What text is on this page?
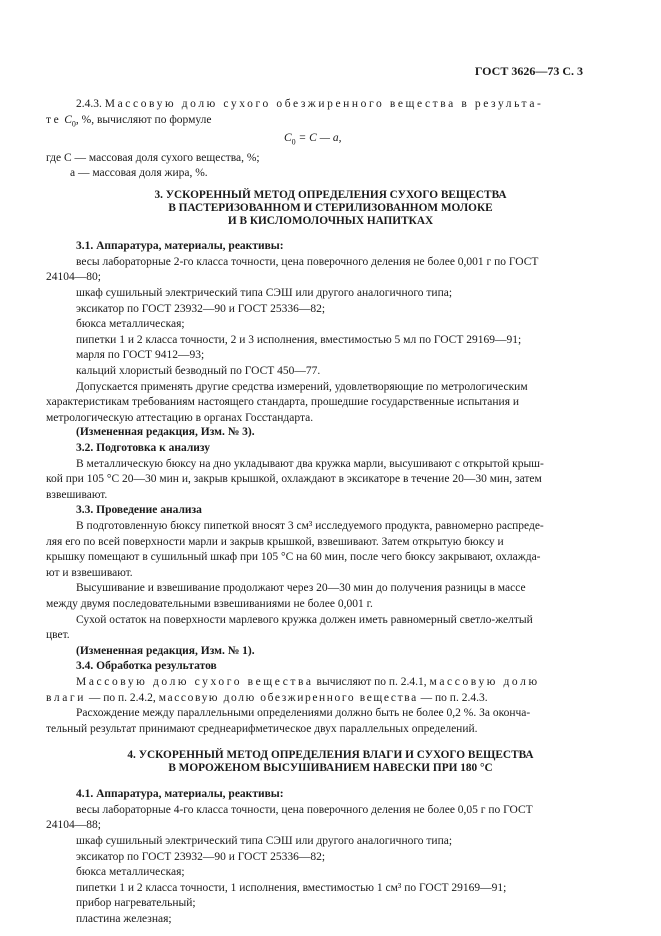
ГОСТ 3626—73 С. 3
2.4.3. Массовую долю сухого обезжиренного вещества в результа-
те $C_0$, %, вычисляют по формуле
$C_0 = C$ — a,
где C — массовая доля сухого вещества, %;
a — массовая доля жира, %.
3. УСКОРЕННЫЙ МЕТОД ОПРЕДЕЛЕНИЯ СУХОГО ВЕЩЕСТВА
В ПАСТЕРИЗОВАННОМ И СТЕРИЛИЗОВАННОМ МОЛОКЕ
И В КИСЛОМОЛОЧНЫХ НАПИТКАХ
3.1. Аппаратура, материалы, реактивы:
весы лабораторные 2-го класса точности, цена поверочного деления не более 0,001 г по ГОСТ
24104—80;
шкаф сушильный электрический типа СЭШ или другого аналогичного типа;
эксикатор по ГОСТ 23932—90 и ГОСТ 25336—82;
бюкса металлическая;
пипетки 1 и 2 класса точности, 2 и 3 исполнения, вместимостью 5 мл по ГОСТ 29169—91;
марля по ГОСТ 9412—93;
кальций хлористый безводный по ГОСТ 450—77.
Допускается применять другие средства измерений, удовлетворяющие по метрологическим
характеристикам требованиям настоящего стандарта, прошедшие государственные испытания и
метрологическую аттестацию в органах Госстандарта.
(Измененная редакция, Изм. № 3).
3.2. Подготовка к анализу
В металлическую бюксу на дно укладывают два кружка марли, высушивают с открытой крыш-
кой при 105 °С 20—30 мин и, закрыв крышкой, охлаждают в эксикаторе в течение 20—30 мин, затем
взвешивают.
3.3. Проведение анализа
В подготовленную бюксу пипеткой вносят 3 см³ исследуемого продукта, равномерно распреде-
ляя его по всей поверхности марли и закрыв крышкой, взвешивают. Затем открытую бюксу и
крышку помещают в сушильный шкаф при 105 °С на 60 мин, после чего бюксу закрывают, охлажда-
ют и взвешивают.
Высушивание и взвешивание продолжают через 20—30 мин до получения разницы в массе
между двумя последовательными взвешиваниями не более 0,001 г.
Сухой остаток на поверхности марлевого кружка должен иметь равномерный светло-желтый
цвет.
(Измененная редакция, Изм. № 1).
3.4. Обработка результатов
Массовую долю сухого вещества вычисляют по п. 2.4.1, массовую долю
влаги — по п. 2.4.2, массовую долю обезжиренного вещества — по п. 2.4.3.
Расхождение между параллельными определениями должно быть не более 0,2 %. За оконча-
тельный результат принимают среднеарифметическое двух параллельных определений.
4. УСКОРЕННЫЙ МЕТОД ОПРЕДЕЛЕНИЯ ВЛАГИ И СУХОГО ВЕЩЕСТВА
В МОРОЖЕНОМ ВЫСУШИВАНИЕМ НАВЕСКИ ПРИ 180 °С
4.1. Аппаратура, материалы, реактивы:
весы лабораторные 4-го класса точности, цена поверочного деления не более 0,05 г по ГОСТ
24104—88;
шкаф сушильный электрический типа СЭШ или другого аналогичного типа;
эксикатор по ГОСТ 23932—90 и ГОСТ 25336—82;
бюкса металлическая;
пипетки 1 и 2 класса точности, 1 исполнения, вместимостью 1 см³ по ГОСТ 29169—91;
прибор нагревательный;
пластина железная;
